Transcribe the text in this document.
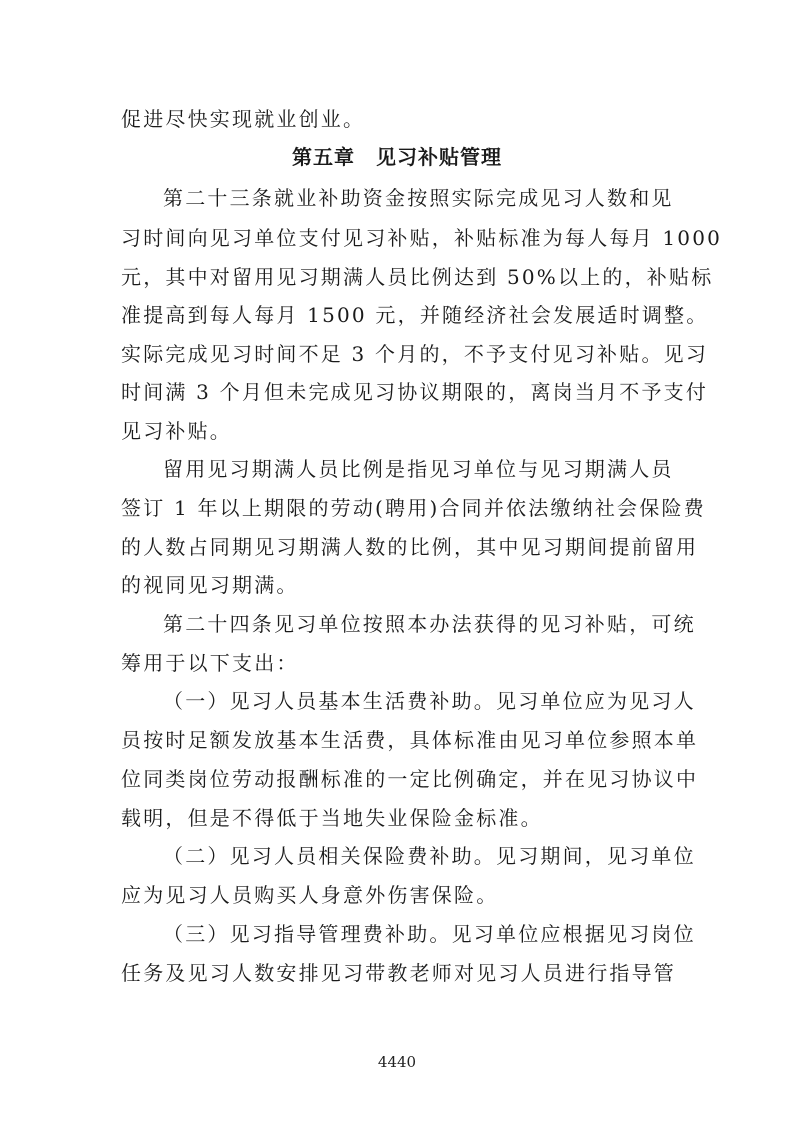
促进尽快实现就业创业。
第五章　见习补贴管理
第二十三条就业补助资金按照实际完成见习人数和见
习时间向见习单位支付见习补贴，补贴标准为每人每月 1000
元，其中对留用见习期满人员比例达到 50%以上的，补贴标
准提高到每人每月 1500 元，并随经济社会发展适时调整。
实际完成见习时间不足 3 个月的，不予支付见习补贴。见习
时间满 3 个月但未完成见习协议期限的，离岗当月不予支付
见习补贴。
留用见习期满人员比例是指见习单位与见习期满人员
签订 1 年以上期限的劳动(聘用)合同并依法缴纳社会保险费
的人数占同期见习期满人数的比例，其中见习期间提前留用
的视同见习期满。
第二十四条见习单位按照本办法获得的见习补贴，可统
筹用于以下支出：
（一）见习人员基本生活费补助。见习单位应为见习人
员按时足额发放基本生活费，具体标准由见习单位参照本单
位同类岗位劳动报酬标准的一定比例确定，并在见习协议中
载明，但是不得低于当地失业保险金标准。
（二）见习人员相关保险费补助。见习期间，见习单位
应为见习人员购买人身意外伤害保险。
（三）见习指导管理费补助。见习单位应根据见习岗位
任务及见习人数安排见习带教老师对见习人员进行指导管
4440
